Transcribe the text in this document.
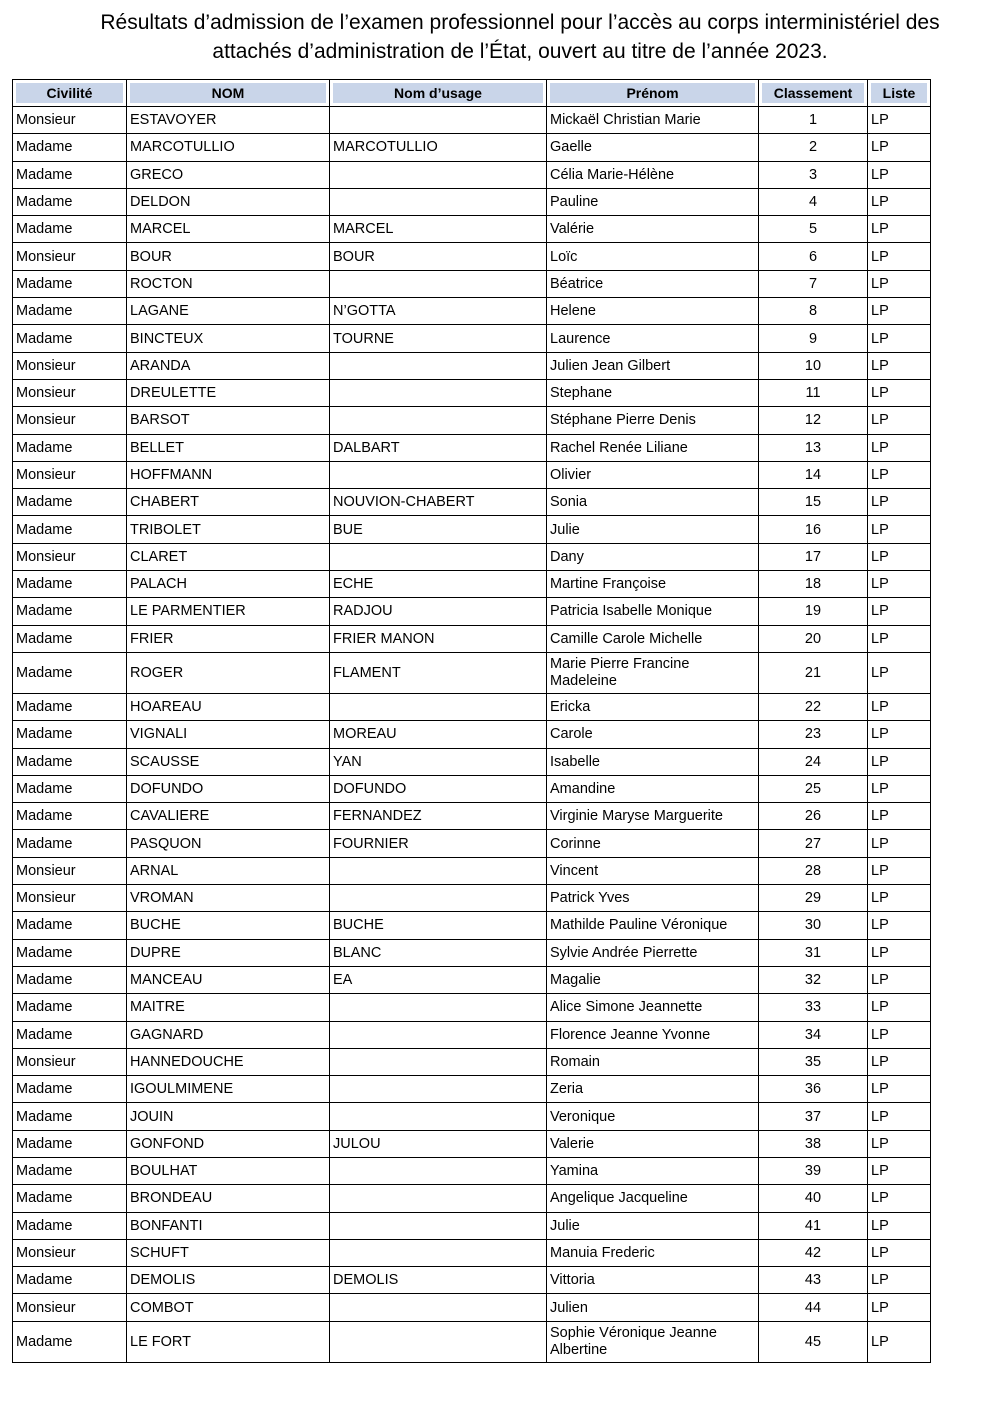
Résultats d’admission de l’examen professionnel pour l’accès au corps interministériel des
attachés d’administration de l’État, ouvert au titre de l’année 2023.
Civilité	NOM	Nom d’usage	Prénom	Classement	Liste

Monsieur	ESTAVOYER		Mickaël Christian Marie	1	LP
Madame	MARCOTULLIO	MARCOTULLIO	Gaelle	2	LP
Madame	GRECO		Célia Marie-Hélène	3	LP
Madame	DELDON		Pauline	4	LP
Madame	MARCEL	MARCEL	Valérie	5	LP
Monsieur	BOUR	BOUR	Loïc	6	LP
Madame	ROCTON		Béatrice	7	LP
Madame	LAGANE	N’GOTTA	Helene	8	LP
Madame	BINCTEUX	TOURNE	Laurence	9	LP
Monsieur	ARANDA		Julien Jean Gilbert	10	LP
Monsieur	DREULETTE		Stephane	11	LP
Monsieur	BARSOT		Stéphane Pierre Denis	12	LP
Madame	BELLET	DALBART	Rachel Renée Liliane	13	LP
Monsieur	HOFFMANN		Olivier	14	LP
Madame	CHABERT	NOUVION-CHABERT	Sonia	15	LP
Madame	TRIBOLET	BUE	Julie	16	LP
Monsieur	CLARET		Dany	17	LP
Madame	PALACH	ECHE	Martine Françoise	18	LP
Madame	LE PARMENTIER	RADJOU	Patricia Isabelle Monique	19	LP
Madame	FRIER	FRIER MANON	Camille Carole Michelle	20	LP
Madame	ROGER	FLAMENT	Marie Pierre Francine Madeleine	21	LP
Madame	HOAREAU		Ericka	22	LP
Madame	VIGNALI	MOREAU	Carole	23	LP
Madame	SCAUSSE	YAN	Isabelle	24	LP
Madame	DOFUNDO	DOFUNDO	Amandine	25	LP
Madame	CAVALIERE	FERNANDEZ	Virginie Maryse Marguerite	26	LP
Madame	PASQUON	FOURNIER	Corinne	27	LP
Monsieur	ARNAL		Vincent	28	LP
Monsieur	VROMAN		Patrick Yves	29	LP
Madame	BUCHE	BUCHE	Mathilde Pauline Véronique	30	LP
Madame	DUPRE	BLANC	Sylvie Andrée Pierrette	31	LP
Madame	MANCEAU	EA	Magalie	32	LP
Madame	MAITRE		Alice Simone Jeannette	33	LP
Madame	GAGNARD		Florence Jeanne Yvonne	34	LP
Monsieur	HANNEDOUCHE		Romain	35	LP
Madame	IGOULMIMENE		Zeria	36	LP
Madame	JOUIN		Veronique	37	LP
Madame	GONFOND	JULOU	Valerie	38	LP
Madame	BOULHAT		Yamina	39	LP
Madame	BRONDEAU		Angelique Jacqueline	40	LP
Madame	BONFANTI		Julie	41	LP
Monsieur	SCHUFT		Manuia Frederic	42	LP
Madame	DEMOLIS	DEMOLIS	Vittoria	43	LP
Monsieur	COMBOT		Julien	44	LP
Madame	LE FORT		Sophie Véronique Jeanne Albertine	45	LP
